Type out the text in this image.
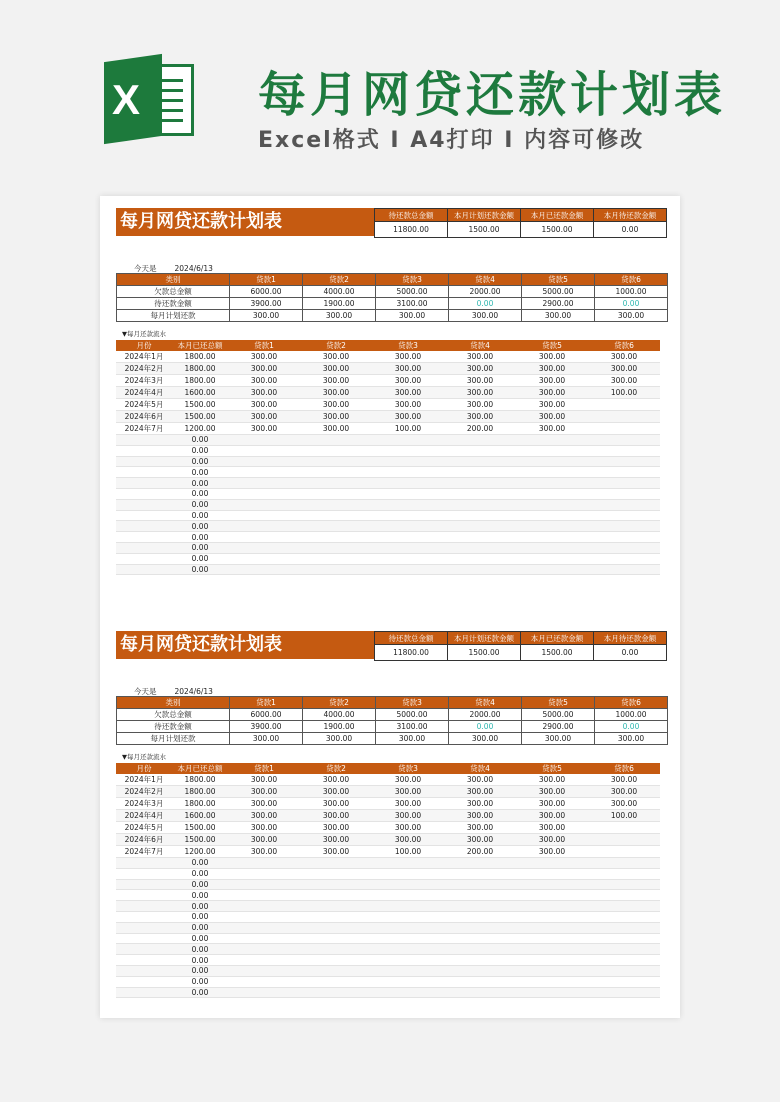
X 每月网贷还款计划表
Excel格式 I A4打印 I 内容可修改
每月网贷还款计划表	待还款总金额	本月计划还款金额	本月已还款金额	本月待还款金额
11800.00	1500.00	1500.00	0.00
今天是 2024/6/13
类别	贷款1	贷款2	贷款3	贷款4	贷款5	贷款6
欠款总金额	6000.00	4000.00	5000.00	2000.00	5000.00	1000.00
待还款金额	3900.00	1900.00	3100.00	0.00	2900.00	0.00
每月计划还款	300.00	300.00	300.00	300.00	300.00	300.00
▼每月还款流水
月份	本月已还总额	贷款1	贷款2	贷款3	贷款4	贷款5	贷款6
2024年1月	1800.00	300.00	300.00	300.00	300.00	300.00	300.00
2024年2月	1800.00	300.00	300.00	300.00	300.00	300.00	300.00
2024年3月	1800.00	300.00	300.00	300.00	300.00	300.00	300.00
2024年4月	1600.00	300.00	300.00	300.00	300.00	300.00	100.00
2024年5月	1500.00	300.00	300.00	300.00	300.00	300.00	
2024年6月	1500.00	300.00	300.00	300.00	300.00	300.00	
2024年7月	1200.00	300.00	300.00	100.00	200.00	300.00	
	0.00						
	0.00						
	0.00						
	0.00						
	0.00						
	0.00						
	0.00						
	0.00						
	0.00						
	0.00						
	0.00						
	0.00						
	0.00						
每月网贷还款计划表	待还款总金额	本月计划还款金额	本月已还款金额	本月待还款金额
11800.00	1500.00	1500.00	0.00
今天是 2024/6/13
类别	贷款1	贷款2	贷款3	贷款4	贷款5	贷款6
欠款总金额	6000.00	4000.00	5000.00	2000.00	5000.00	1000.00
待还款金额	3900.00	1900.00	3100.00	0.00	2900.00	0.00
每月计划还款	300.00	300.00	300.00	300.00	300.00	300.00
▼每月还款流水
月份	本月已还总额	贷款1	贷款2	贷款3	贷款4	贷款5	贷款6
2024年1月	1800.00	300.00	300.00	300.00	300.00	300.00	300.00
2024年2月	1800.00	300.00	300.00	300.00	300.00	300.00	300.00
2024年3月	1800.00	300.00	300.00	300.00	300.00	300.00	300.00
2024年4月	1600.00	300.00	300.00	300.00	300.00	300.00	100.00
2024年5月	1500.00	300.00	300.00	300.00	300.00	300.00	
2024年6月	1500.00	300.00	300.00	300.00	300.00	300.00	
2024年7月	1200.00	300.00	300.00	100.00	200.00	300.00	
	0.00						
	0.00						
	0.00						
	0.00						
	0.00						
	0.00						
	0.00						
	0.00						
	0.00						
	0.00						
	0.00						
	0.00						
	0.00						
